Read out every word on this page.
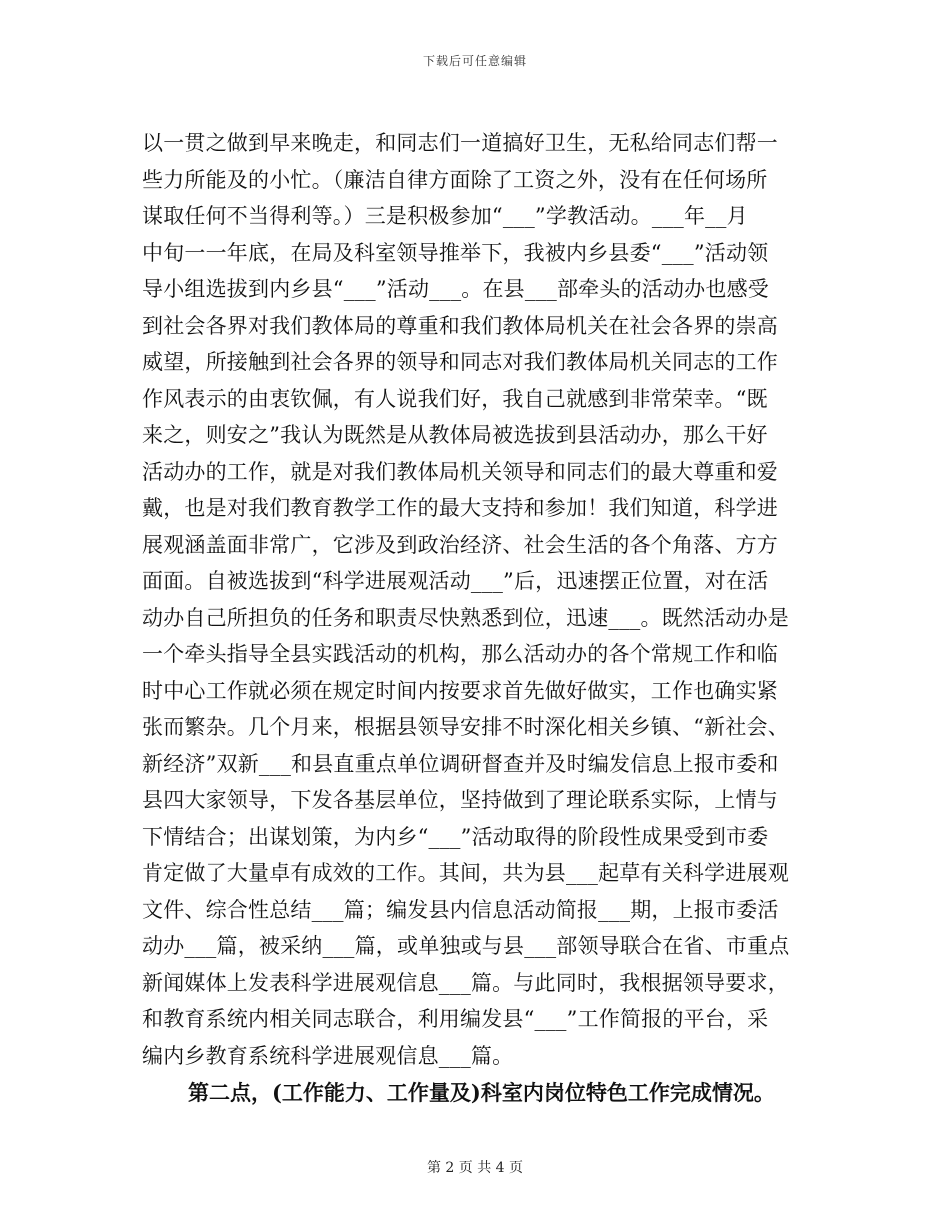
下载后可任意编辑
以一贯之做到早来晚走，和同志们一道搞好卫生，无私给同志们帮一
些力所能及的小忙。（廉洁自律方面除了工资之外，没有在任何场所
谋取任何不当得利等。）三是积极参加“___”学教活动。___年__月
中旬一一年底，在局及科室领导推举下，我被内乡县委“___”活动领
导小组选拔到内乡县“___”活动___。在县___部牵头的活动办也感受
到社会各界对我们教体局的尊重和我们教体局机关在社会各界的崇高
威望，所接触到社会各界的领导和同志对我们教体局机关同志的工作
作风表示的由衷钦佩，有人说我们好，我自己就感到非常荣幸。“既
来之，则安之”我认为既然是从教体局被选拔到县活动办，那么干好
活动办的工作，就是对我们教体局机关领导和同志们的最大尊重和爱
戴，也是对我们教育教学工作的最大支持和参加！我们知道，科学进
展观涵盖面非常广，它涉及到政治经济、社会生活的各个角落、方方
面面。自被选拔到“科学进展观活动___”后，迅速摆正位置，对在活
动办自己所担负的任务和职责尽快熟悉到位，迅速___。既然活动办是
一个牵头指导全县实践活动的机构，那么活动办的各个常规工作和临
时中心工作就必须在规定时间内按要求首先做好做实，工作也确实紧
张而繁杂。几个月来，根据县领导安排不时深化相关乡镇、“新社会、
新经济”双新___和县直重点单位调研督查并及时编发信息上报市委和
县四大家领导，下发各基层单位，坚持做到了理论联系实际，上情与
下情结合；出谋划策，为内乡“___”活动取得的阶段性成果受到市委
肯定做了大量卓有成效的工作。其间，共为县___起草有关科学进展观
文件、综合性总结___篇；编发县内信息活动简报___期，上报市委活
动办___篇，被采纳___篇，或单独或与县___部领导联合在省、市重点
新闻媒体上发表科学进展观信息___篇。与此同时，我根据领导要求，
和教育系统内相关同志联合，利用编发县“___”工作简报的平台，采
编内乡教育系统科学进展观信息___篇。
第二点，(工作能力、工作量及)科室内岗位特色工作完成情况。
第 2 页 共 4 页
